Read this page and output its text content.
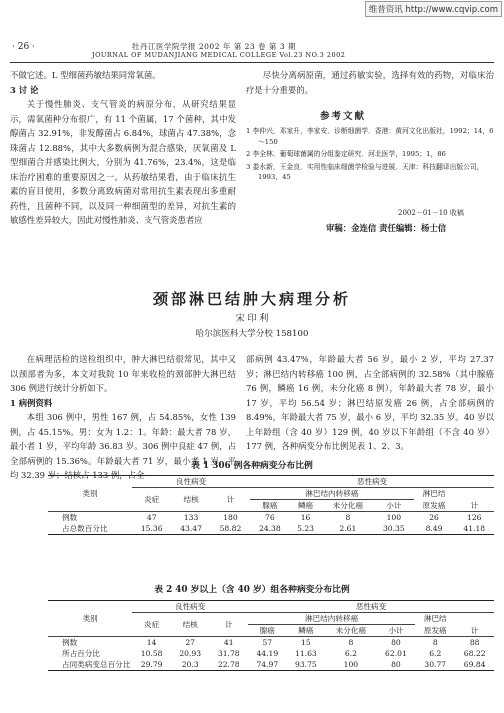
维普资讯 http://www.cqvip.com
· 26 ·	牡丹江医学院学报 2002 年 第 23 卷 第 3 期
JOURNAL OF MUDANJIANG MEDICAL COLLEGE Vol.23 NO.3 2002

不做它述。L 型细菌药敏结果同常氧菌。

3 讨 论

关于慢性肺炎、支气管炎的病原分布，从研究结果显示，需氧菌种分布很广，有 11 个菌属，17 个菌种，其中发醇菌占 32.91%，非发醇菌占 6.84%，球菌占 47.38%，念珠菌占 12.88%，其中大多数病例为混合感染，厌氧菌及 L 型细菌合并感染比例大，分别为 41.76%，23.4%，这是临床治疗困难的重要原因之一。从药敏结果看，由于临床抗生素的盲目使用，多数分离致病菌对常用抗生素表现出多重耐药性，且菌种不同，以及同一种细菌型的差异，对抗生素的敏感性差异较大，因此对慢性肺炎、支气管炎患者应

尽快分离病原菌，通过药敏实验，选择有效的药物，对临床治疗是十分重要的。

参考文献
1 李仲兴，邓家升，李家安．诊断细菌学．香港：黄河文化出版社，1992；14，6～150
2 李全林．葡萄球菌属的分组鉴定研究．河北医学，1995；1，86
3 娄水新，王金良．实用性临床细菌学检验与进展．天津：科技翻译出版公司，1993，45
2002－01－10 收稿
审稿：金连信 责任编辑：杨士信
颈部淋巴结肿大病理分析
宋 印 利
哈尔滨医科大学分校 158100

在病理活检的送检组织中，肿大淋巴结很常见，其中又以颈部者为多，本文对我院 10 年来收检的颈部肿大淋巴结 306 例进行统计分析如下。

1 病例资料

本组 306 例中，男性 167 例，占 54.85%，女性 139 例，占 45.15%。男：女为 1.2：1。年龄：最大者 78 岁，最小者 1 岁，平均年龄 36.83 岁。306 例中良症 47 例，占全部病例的 15.36%。年龄最大者 71 岁，最小者 1 岁，平均 32.39 岁；结核占 133 例，占全

部病例 43.47%，年龄最大者 56 岁，最小 2 岁，平均 27.37 岁；淋巴结内转移癌 100 例，占全部病例的 32.58%（其中腺癌 76 例，鳞癌 16 例，未分化癌 8 例），年龄最大者 78 岁，最小 17 岁，平均 56.54 岁；淋巴结原发癌 26 例，占全部病例的 8.49%，年龄最大者 75 岁，最小 6 岁，平均 32.35 岁。40 岁以上年龄组（含 40 岁）129 例，40 岁以下年龄组（不含 40 岁）177 例，各种病变分布比例见表 1、2、3。

表 1 306 例各种病变分布比例
类别	良性病变			恶性病变					
	炎症	结核	计	淋巴结内转移癌				淋巴结	
				腺癌	鳞癌	未分化癌	小计	原发癌	计
例数	47	133	180	76	16	8	100	26	126
占总数百分比	15.36	43.47	58.82	24.38	5.23	2.61	30.35	8.49	41.18
表 2 40 岁以上（含 40 岁）组各种病变分布比例
类别	良性病变			恶性病变					
	炎症	结核	计	淋巴结内转移癌				淋巴结	
				腺癌	鳞癌	未分化癌	小计	原发癌	计
例数	14	27	41	57	15	8	80	8	88
所占百分比	10.58	20.93	31.78	44.19	11.63	6.2	62.01	6.2	68.22
占同类病变总百分比	29.79	20.3	22.78	74.97	93.75	100	80	30.77	69.84
